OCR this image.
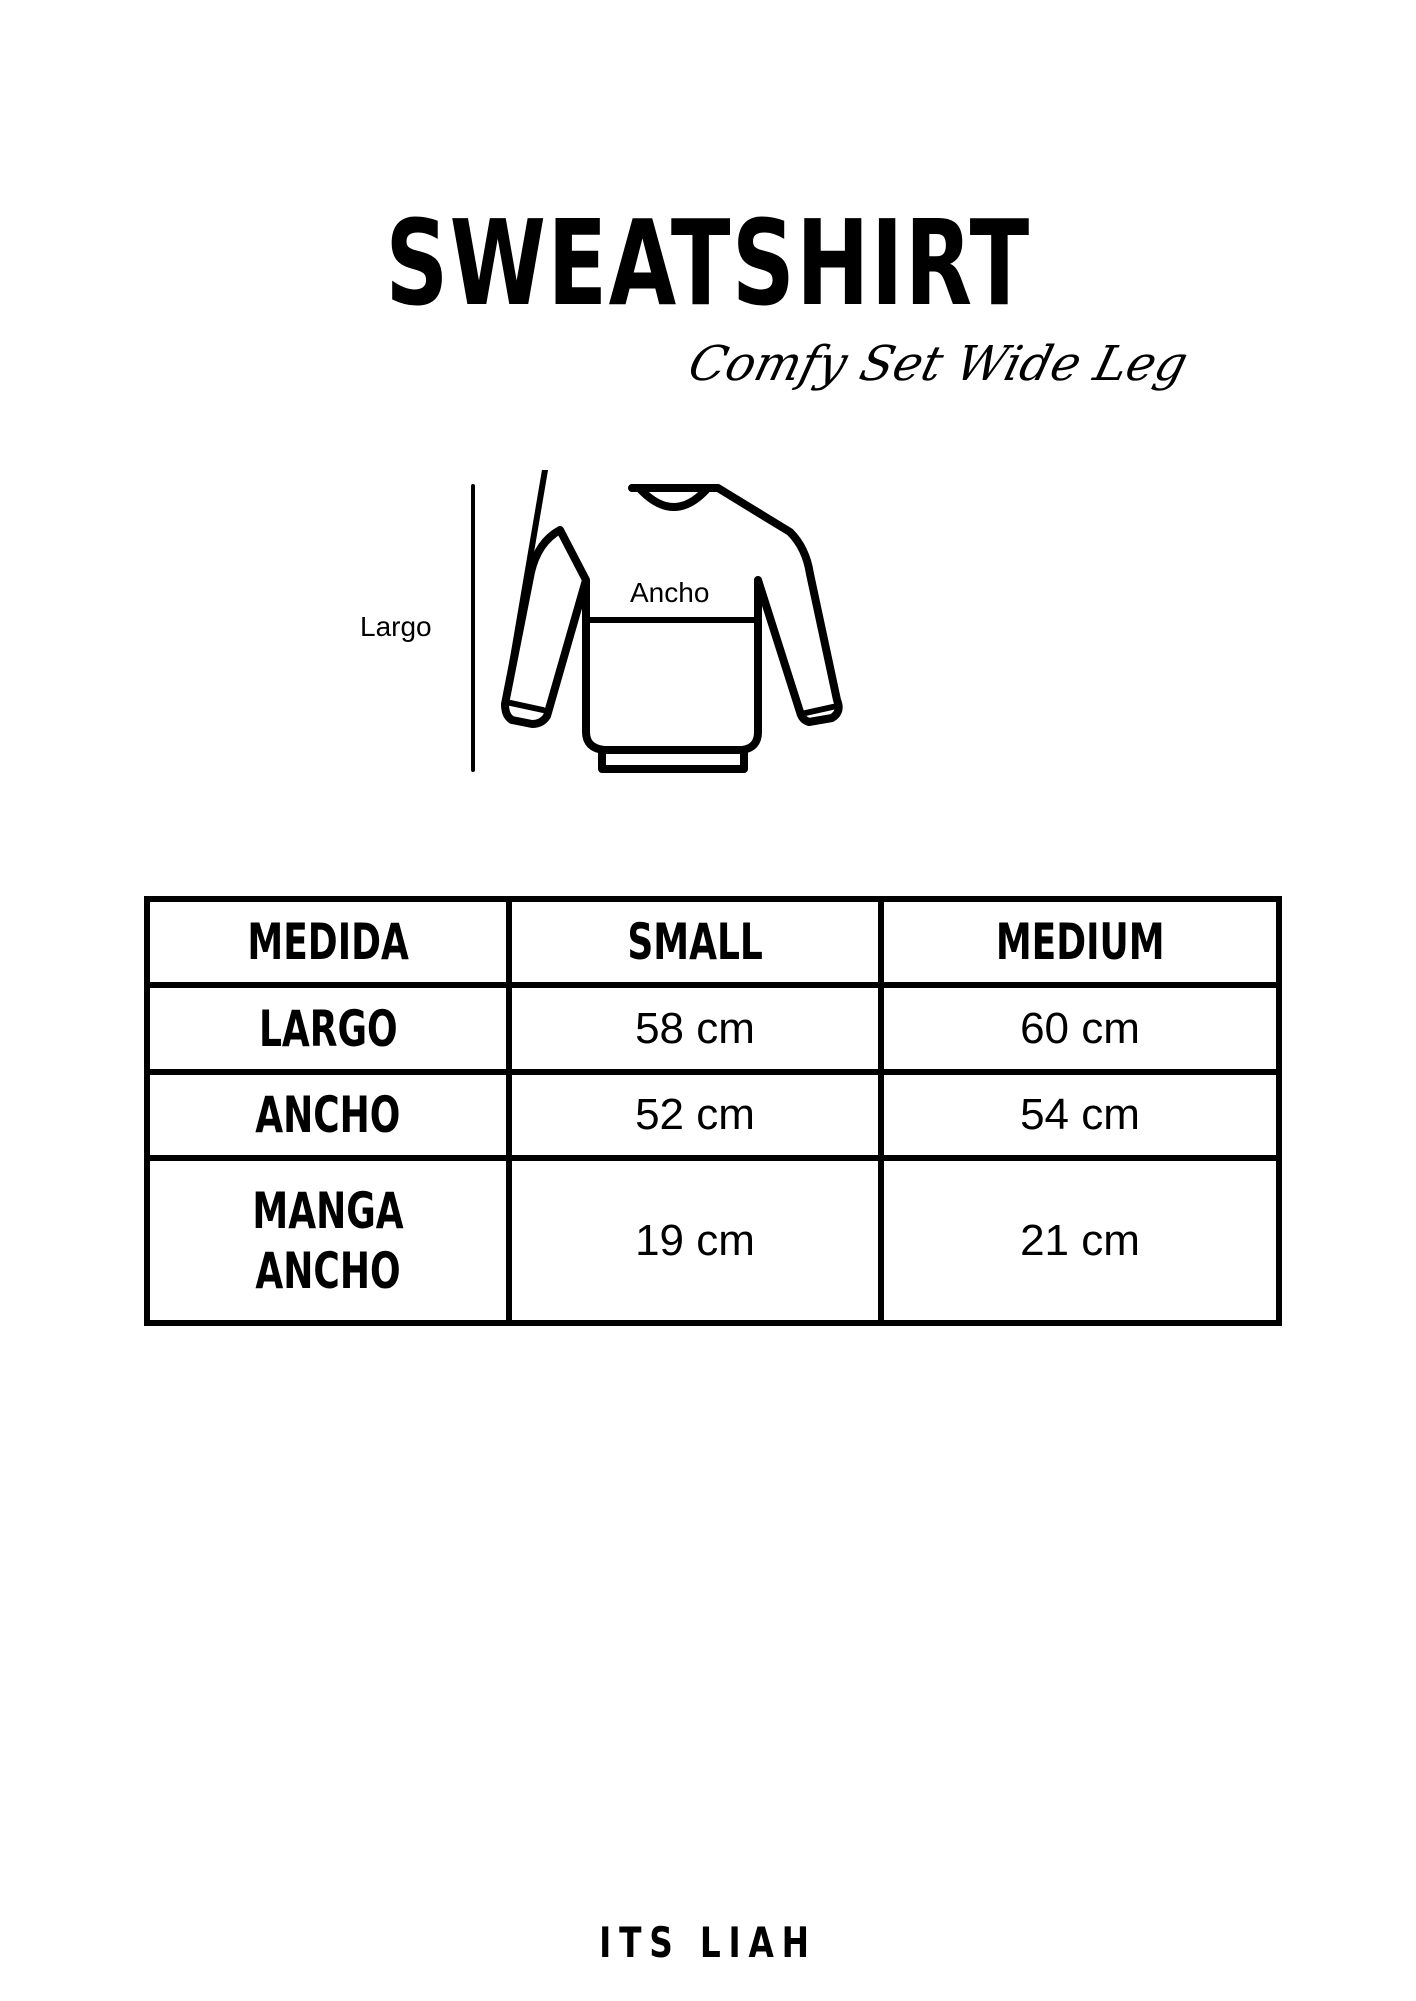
SWEATSHIRT
Comfy Set Wide Leg
Largo
Ancho
MEDIDA	SMALL	MEDIUM
LARGO	58 cm	60 cm
ANCHO	52 cm	54 cm
MANGA ANCHO	19 cm	21 cm
ITS LIAH
